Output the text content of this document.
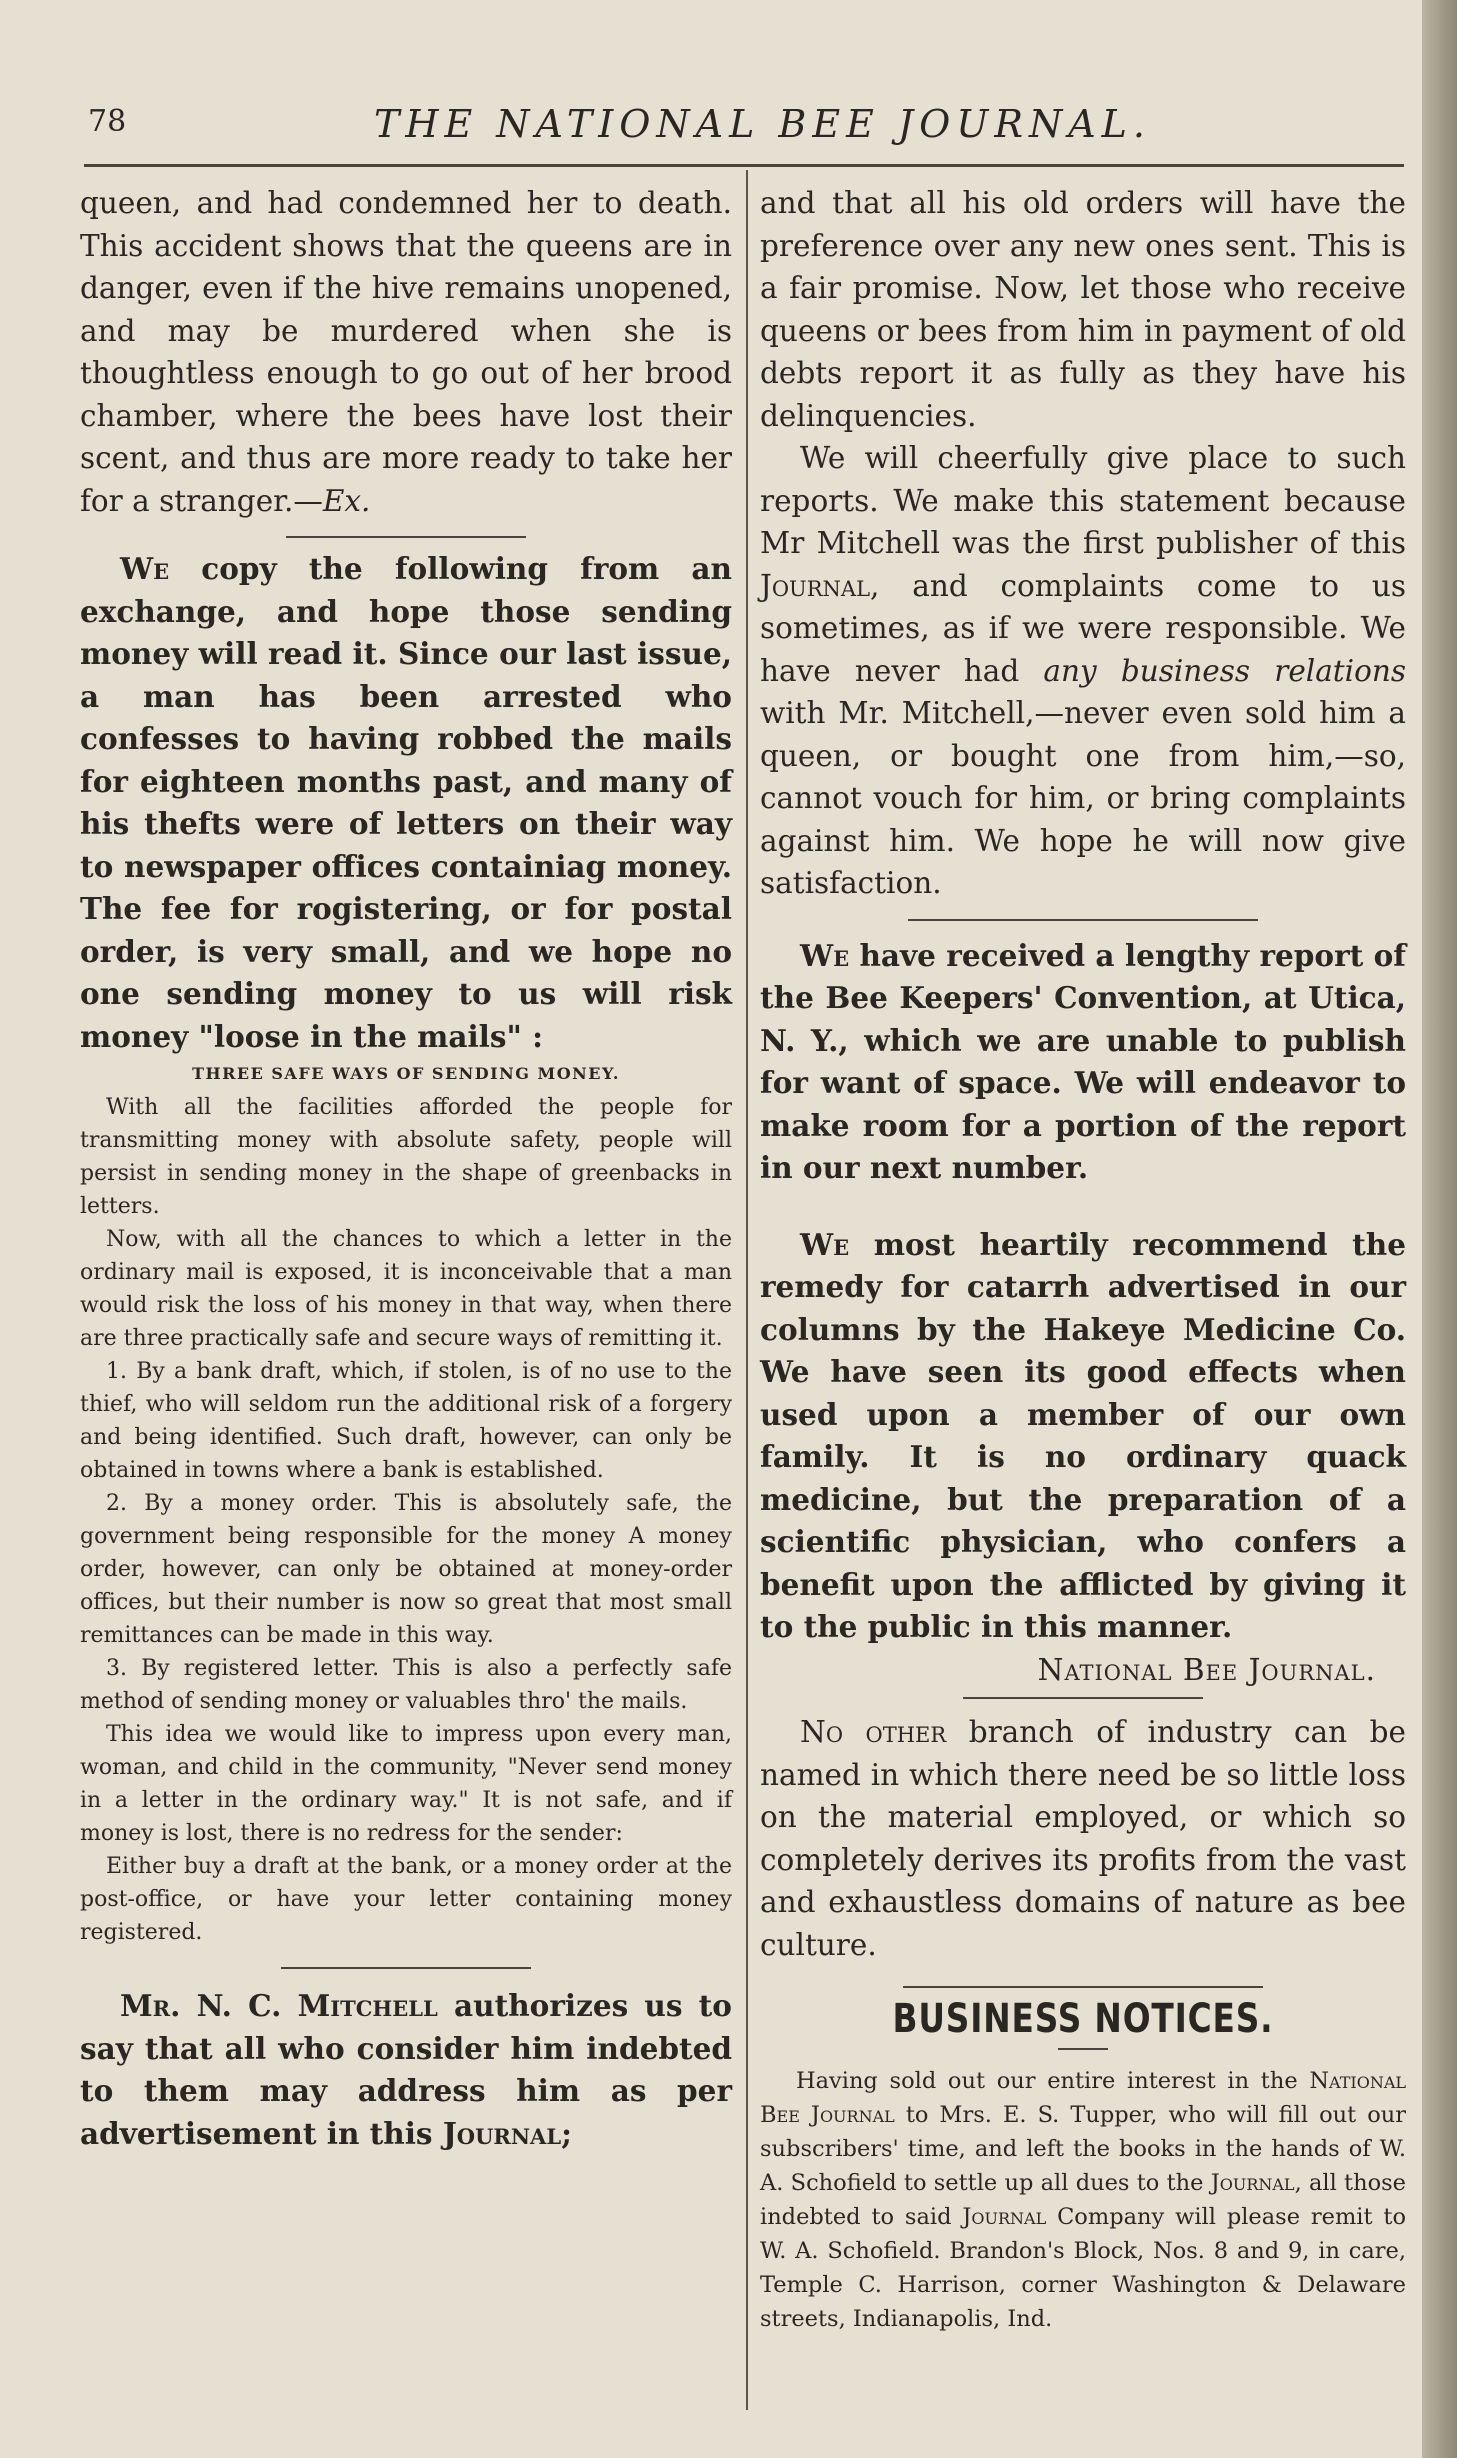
78	THE NATIONAL BEE JOURNAL.

queen, and had condemned her to death. This accident shows that the queens are in danger, even if the hive remains unopened, and may be murdered when she is thoughtless enough to go out of her brood chamber, where the bees have lost their scent, and thus are more ready to take her for a stranger.—Ex.

We copy the following from an exchange, and hope those sending money will read it. Since our last issue, a man has been arrested who confesses to having robbed the mails for eighteen months past, and many of his thefts were of letters on their way to newspaper offices containiag money. The fee for rogistering, or for postal order, is very small, and we hope no one sending money to us will risk money "loose in the mails" :

THREE SAFE WAYS OF SENDING MONEY.

With all the facilities afforded the people for transmitting money with absolute safety, people will persist in sending money in the shape of greenbacks in letters.

Now, with all the chances to which a letter in the ordinary mail is exposed, it is inconceivable that a man would risk the loss of his money in that way, when there are three practically safe and secure ways of remitting it.

1. By a bank draft, which, if stolen, is of no use to the thief, who will seldom run the additional risk of a forgery and being identified. Such draft, however, can only be obtained in towns where a bank is established.

2. By a money order. This is absolutely safe, the government being responsible for the money A money order, however, can only be obtained at money-order offices, but their number is now so great that most small remittances can be made in this way.

3. By registered letter. This is also a perfectly safe method of sending money or valuables thro' the mails.

This idea we would like to impress upon every man, woman, and child in the community, "Never send money in a letter in the ordinary way." It is not safe, and if money is lost, there is no redress for the sender:

Either buy a draft at the bank, or a money order at the post-office, or have your letter containing money registered.

Mr. N. C. Mitchell authorizes us to say that all who consider him indebted to them may address him as per advertisement in this Journal;

and that all his old orders will have the preference over any new ones sent. This is a fair promise. Now, let those who receive queens or bees from him in payment of old debts report it as fully as they have his delinquencies.

We will cheerfully give place to such reports. We make this statement because Mr Mitchell was the first publisher of this Journal, and complaints come to us sometimes, as if we were responsible. We have never had any business relations with Mr. Mitchell,—never even sold him a queen, or bought one from him,—so, cannot vouch for him, or bring complaints against him. We hope he will now give satisfaction.

We have received a lengthy report of the Bee Keepers' Convention, at Utica, N. Y., which we are unable to publish for want of space. We will endeavor to make room for a portion of the report in our next number.

We most heartily recommend the remedy for catarrh advertised in our columns by the Hakeye Medicine Co. We have seen its good effects when used upon a member of our own family. It is no ordinary quack medicine, but the preparation of a scientific physician, who confers a benefit upon the afflicted by giving it to the public in this manner.

National Bee Journal.

No other branch of industry can be named in which there need be so little loss on the material employed, or which so completely derives its profits from the vast and exhaustless domains of nature as bee culture.

BUSINESS NOTICES.

Having sold out our entire interest in the National Bee Journal to Mrs. E. S. Tupper, who will fill out our subscribers' time, and left the books in the hands of W. A. Schofield to settle up all dues to the Journal, all those indebted to said Journal Company will please remit to W. A. Schofield. Brandon's Block, Nos. 8 and 9, in care, Temple C. Harrison, corner Washington & Delaware streets, Indianapolis, Ind.
